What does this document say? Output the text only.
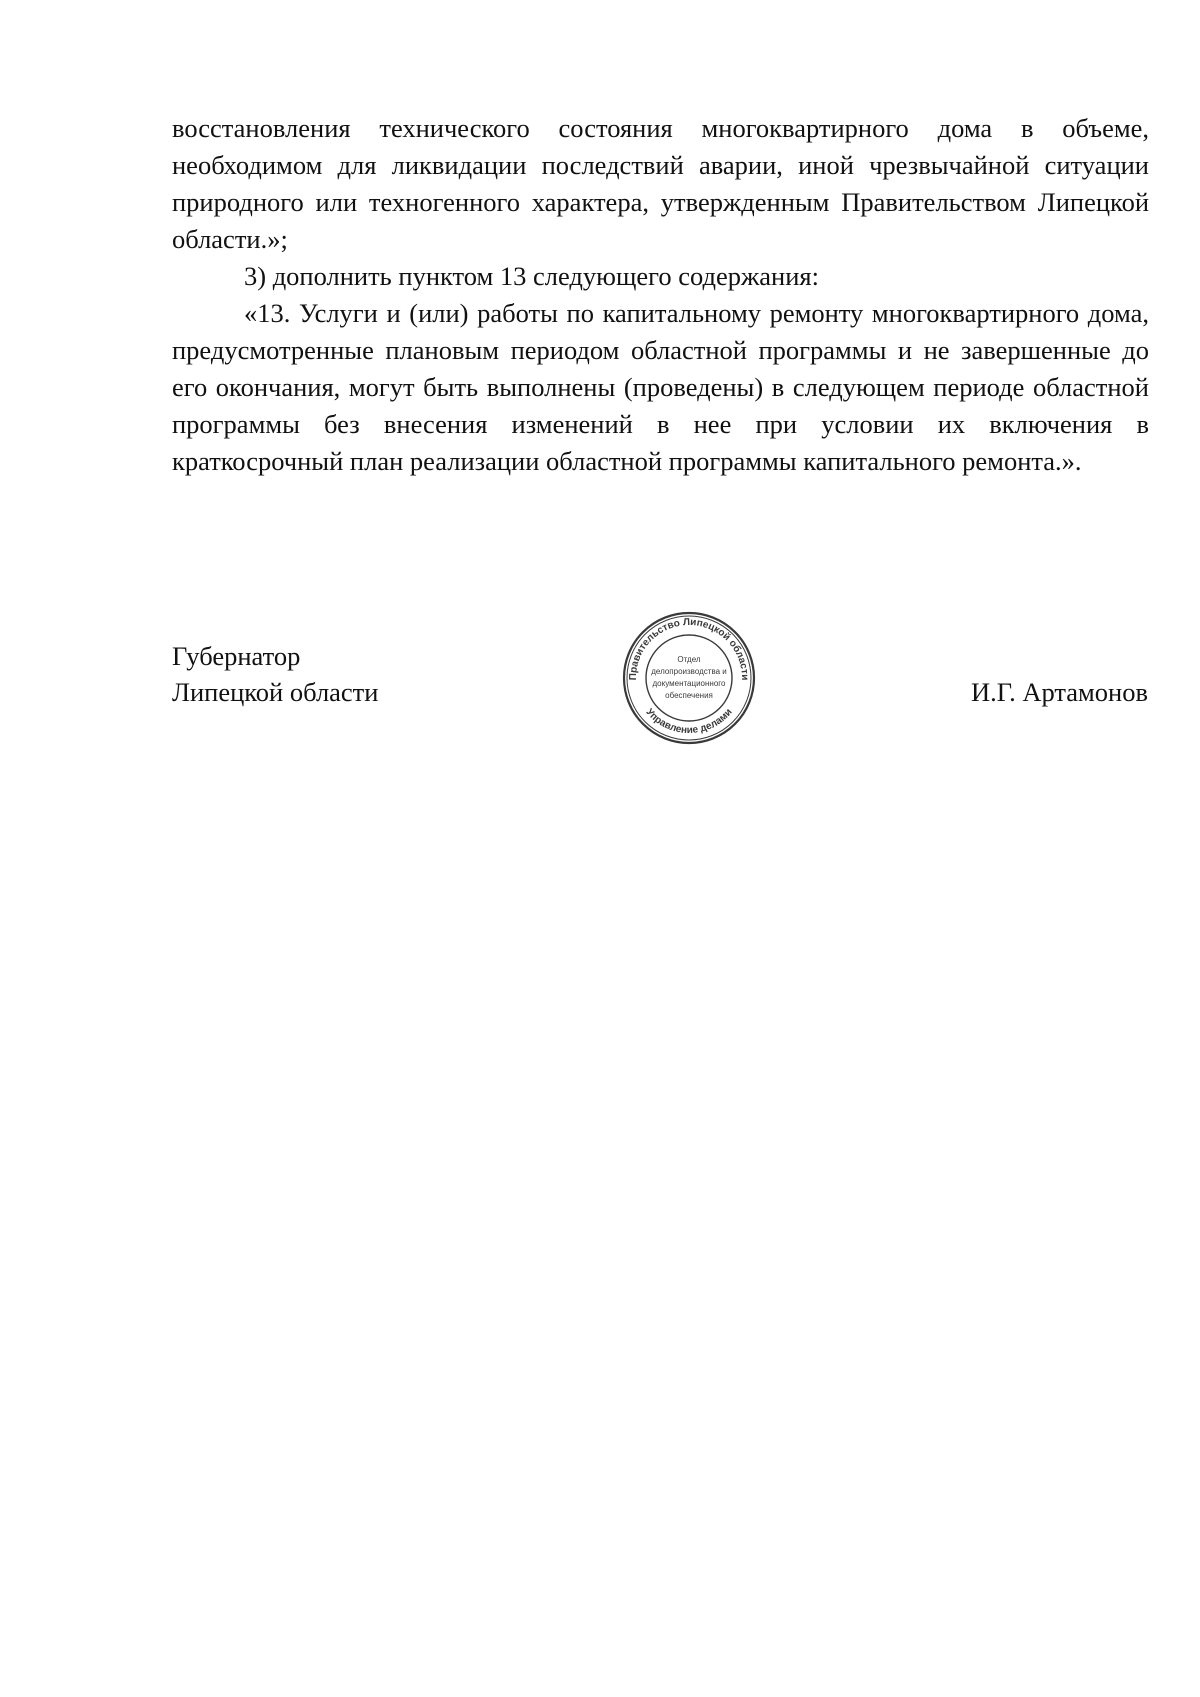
восстановления технического состояния многоквартирного дома в объеме, необходимом для ликвидации последствий аварии, иной чрезвычайной ситуации природного или техногенного характера, утвержденным Правительством Липецкой области.»;

3) дополнить пунктом 13 следующего содержания:

«13. Услуги и (или) работы по капитальному ремонту многоквартирного дома, предусмотренные плановым периодом областной программы и не завершенные до его окончания, могут быть выполнены (проведены) в следующем периоде областной программы без внесения изменений в нее при условии их включения в краткосрочный план реализации областной программы капитального ремонта.».

Губернатор
Липецкой области
Правительство Липецкой области
Управление делами
Отдел
делопроизводства и
документационного
обеспечения	И.Г. Артамонов
